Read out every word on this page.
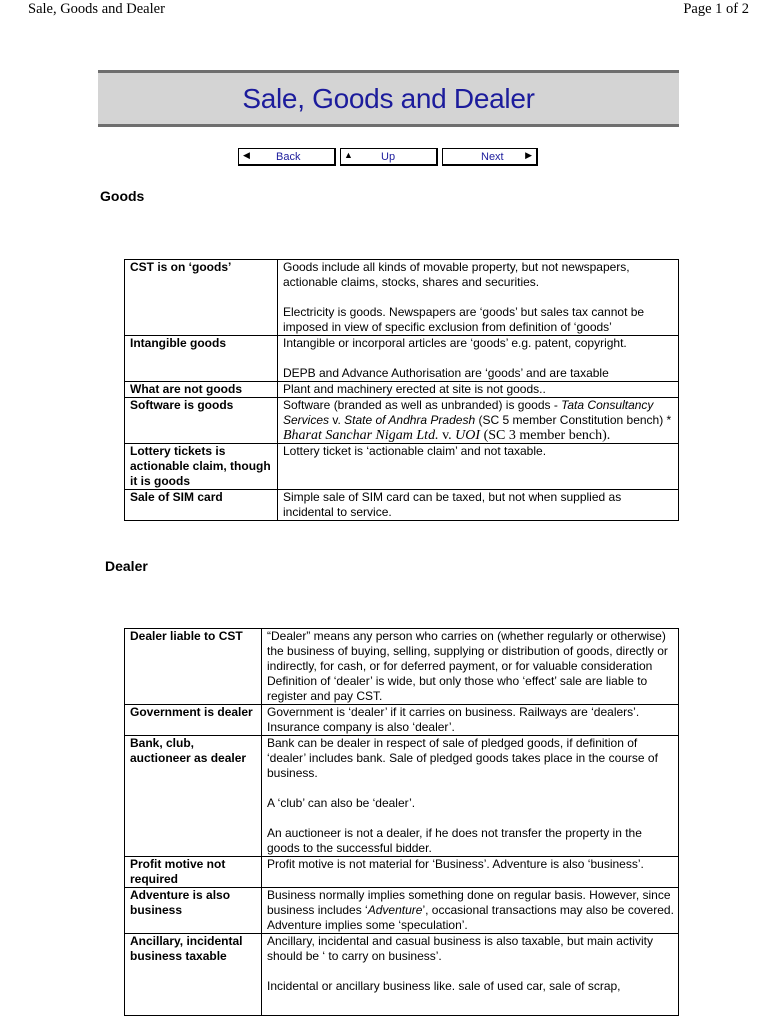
Sale, Goods and Dealer	Page 1 of 2
Sale, Goods and Dealer
◀ Back	▲	Up	Next ▶
Goods
CST is on ‘goods’	Goods include all kinds of movable property, but not newspapers, actionable claims, stocks, shares and securities.
Electricity is goods. Newspapers are ‘goods’ but sales tax cannot be imposed in view of specific exclusion from definition of ‘goods’

Intangible goods	Intangible or incorporal articles are ‘goods’ e.g. patent, copyright.
DEPB and Advance Authorisation are ‘goods’ and are taxable

What are not goods	Plant and machinery erected at site is not goods..

Software is goods	Software (branded as well as unbranded) is goods - Tata Consultancy Services v. State of Andhra Pradesh (SC 5 member Constitution bench) * Bharat Sanchar Nigam Ltd. v. UOI (SC 3 member bench).
Lottery tickets is actionable claim, though it is goods	Lottery ticket is ‘actionable claim’ and not taxable.

Sale of SIM card	Simple sale of SIM card can be taxed, but not when supplied as incidental to service.
Dealer
Dealer liable to CST	“Dealer” means any person who carries on (whether regularly or otherwise) the business of buying, selling, supplying or distribution of goods, directly or indirectly, for cash, or for deferred payment, or for valuable consideration Definition of ‘dealer’ is wide, but only those who ‘effect’ sale are liable to register and pay CST.

Government is dealer	Government is ‘dealer’ if it carries on business. Railways are ‘dealers’. Insurance company is also ‘dealer’.

Bank, club, auctioneer as dealer	Bank can be dealer in respect of sale of pledged goods, if definition of ‘dealer’ includes bank. Sale of pledged goods takes place in the course of business.
A ‘club’ can also be ‘dealer’.
An auctioneer is not a dealer, if he does not transfer the property in the goods to the successful bidder.

Profit motive not required	Profit motive is not material for ‘Business’. Adventure is also ‘business’.

Adventure is also business	Business normally implies something done on regular basis. However, since business includes ‘Adventure’, occasional transactions may also be covered. Adventure implies some ‘speculation’.
Ancillary, incidental business taxable	Ancillary, incidental and casual business is also taxable, but main activity should be ‘ to carry on business’.
Incidental or ancillary business like. sale of used car, sale of scrap,
